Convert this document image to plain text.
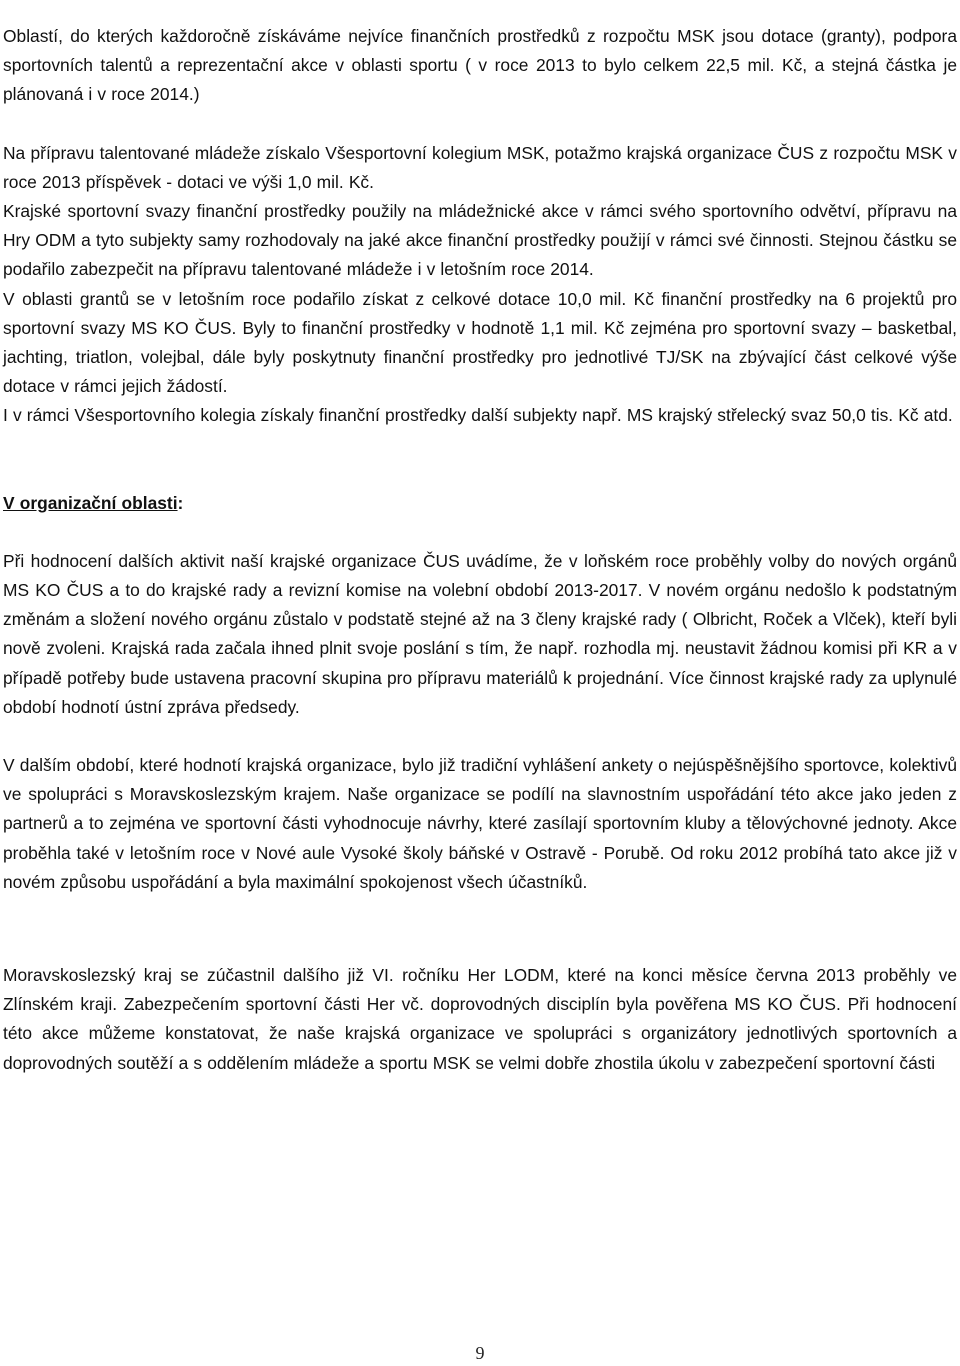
Oblastí, do kterých každoročně získáváme nejvíce finančních prostředků z rozpočtu MSK jsou dotace (granty), podpora sportovních talentů a reprezentační akce v oblasti sportu ( v roce 2013 to bylo celkem 22,5 mil. Kč, a stejná částka je plánovaná i v roce 2014.)

Na přípravu talentované mládeže získalo Všesportovní kolegium MSK, potažmo krajská organizace ČUS z rozpočtu MSK v roce 2013 příspěvek - dotaci ve výši 1,0 mil. Kč.

Krajské sportovní svazy finanční prostředky použily na mládežnické akce v rámci svého sportovního odvětví, přípravu na Hry ODM a tyto subjekty samy rozhodovaly na jaké akce finanční prostředky použijí v rámci své činnosti. Stejnou částku se podařilo zabezpečit na přípravu talentované mládeže i v letošním roce 2014.

V oblasti grantů se v letošním roce podařilo získat z celkové dotace 10,0 mil. Kč finanční prostředky na 6 projektů pro sportovní svazy MS KO ČUS. Byly to finanční prostředky v hodnotě 1,1 mil. Kč zejména pro sportovní svazy – basketbal, jachting, triatlon, volejbal, dále byly poskytnuty finanční prostředky pro jednotlivé TJ/SK na zbývající část celkové výše dotace v rámci jejich žádostí.

I v rámci Všesportovního kolegia získaly finanční prostředky další subjekty např. MS krajský střelecký svaz 50,0 tis. Kč atd.

V organizační oblasti:

Při hodnocení dalších aktivit naší krajské organizace ČUS uvádíme, že v loňském roce proběhly volby do nových orgánů MS KO ČUS a to do krajské rady a revizní komise na volební období 2013-2017. V novém orgánu nedošlo k podstatným změnám a složení nového orgánu zůstalo v podstatě stejné až na 3 členy krajské rady ( Olbricht, Roček a Vlček), kteří byli nově zvoleni. Krajská rada začala ihned plnit svoje poslání s tím, že např. rozhodla mj. neustavit žádnou komisi při KR a v případě potřeby bude ustavena pracovní skupina pro přípravu materiálů k projednání. Více činnost krajské rady za uplynulé období hodnotí ústní zpráva předsedy.

V dalším období, které hodnotí krajská organizace, bylo již tradiční vyhlášení ankety o nejúspěšnějšího sportovce, kolektivů ve spolupráci s Moravskoslezským krajem. Naše organizace se podílí na slavnostním uspořádání této akce jako jeden z partnerů a to zejména ve sportovní části vyhodnocuje návrhy, které zasílají sportovním kluby a tělovýchovné jednoty. Akce proběhla také v letošním roce v Nové aule Vysoké školy báňské v Ostravě - Porubě. Od roku 2012 probíhá tato akce již v novém způsobu uspořádání a byla maximální spokojenost všech účastníků.

Moravskoslezský kraj se zúčastnil dalšího již VI. ročníku Her LODM, které na konci měsíce června 2013 proběhly ve Zlínském kraji. Zabezpečením sportovní části Her vč. doprovodných disciplín byla pověřena MS KO ČUS. Při hodnocení této akce můžeme konstatovat, že naše krajská organizace ve spolupráci s organizátory jednotlivých sportovních a doprovodných soutěží a s oddělením mládeže a sportu MSK se velmi dobře zhostila úkolu v zabezpečení sportovní části

9
